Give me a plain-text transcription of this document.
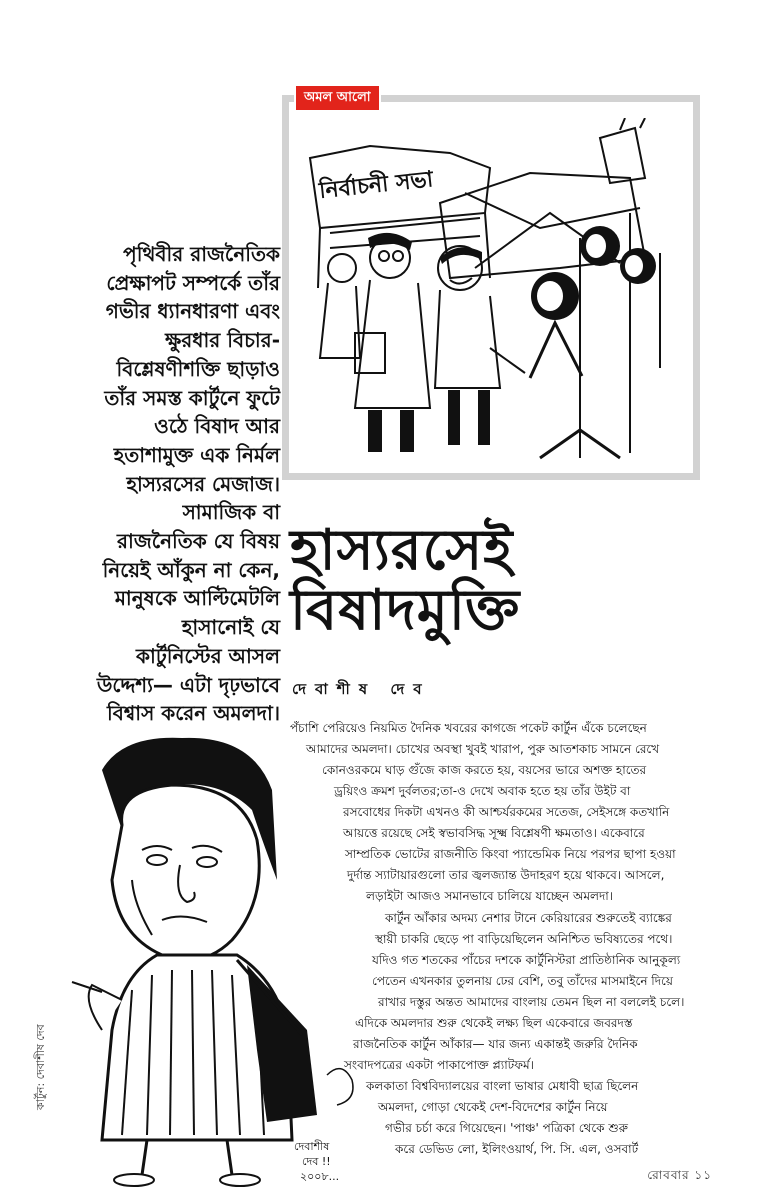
অমল আলো
নির্বাচনী সভা
পৃথিবীর রাজনৈতিক
প্রেক্ষাপট সম্পর্কে তাঁর
গভীর ধ্যানধারণা এবং
ক্ষুরধার বিচার-
বিশ্লেষণীশক্তি ছাড়াও
তাঁর সমস্ত কার্টুনে ফুটে
ওঠে বিষাদ আর
হতাশামুক্ত এক নির্মল
হাস্যরসের মেজাজ।
সামাজিক বা
রাজনৈতিক যে বিষয়
নিয়েই আঁকুন না কেন,
মানুষকে আল্টিমেটলি
হাসানোই যে
কার্টুনিস্টের আসল
উদ্দেশ্য— এটা দৃঢ়ভাবে
বিশ্বাস করেন অমলদা।
হাস্যরসেই
বিষাদমুক্তি

দেবাশীষ দেব

দেবাশীষ
দেব !!
২০০৮...
পঁচাশি পেরিয়েও নিয়মিত দৈনিক খবরের কাগজে পকেট কার্টুন এঁকে চলেছেন
আমাদের অমলদা। চোখের অবস্থা খুবই খারাপ, পুরু আতশকাচ সামনে রেখে
কোনওরকমে ঘাড় গুঁজে কাজ করতে হয়, বয়সের ভারে অশক্ত হাতের
ড্রয়িংও ক্রমশ দুর্বলতর;তা-ও দেখে অবাক হতে হয় তাঁর উইট বা
রসবোধের দিকটা এখনও কী আশ্চর্যরকমের সতেজ, সেইসঙ্গে কতখানি
আয়ত্তে রয়েছে সেই স্বভাবসিদ্ধ সূক্ষ্ম বিশ্লেষণী ক্ষমতাও। একেবারে
সাম্প্রতিক ভোটের রাজনীতি কিংবা প্যান্ডেমিক নিয়ে পরপর ছাপা হওয়া
দুর্দান্ত স্যাটায়ারগুলো তার জ্বলজ্যান্ত উদাহরণ হয়ে থাকবে। আসলে,
লড়াইটা আজও সমানভাবে চালিয়ে যাচ্ছেন অমলদা।
কার্টুন আঁকার অদম্য নেশার টানে কেরিয়ারের শুরুতেই ব্যাঙ্কের
স্থায়ী চাকরি ছেড়ে পা বাড়িয়েছিলেন অনিশ্চিত ভবিষ্যতের পথে।
যদিও গত শতকের পাঁচের দশকে কার্টুনিস্টরা প্রাতিষ্ঠানিক আনুকূল্য
পেতেন এখনকার তুলনায় ঢের বেশি, তবু তাঁদের মাসমাইনে দিয়ে
রাখার দস্তুর অন্তত আমাদের বাংলায় তেমন ছিল না বললেই চলে।
এদিকে অমলদার শুরু থেকেই লক্ষ্য ছিল একেবারে জবরদস্ত
রাজনৈতিক কার্টুন আঁকার— যার জন্য একান্তই জরুরি দৈনিক
সংবাদপত্রের একটা পাকাপোক্ত প্ল্যাটফর্ম।
কলকাতা বিশ্ববিদ্যালয়ের বাংলা ভাষার মেধাবী ছাত্র ছিলেন
অমলদা, গোড়া থেকেই দেশ-বিদেশের কার্টুন নিয়ে
গভীর চর্চা করে গিয়েছেন। 'পাঞ্চ' পত্রিকা থেকে শুরু
করে ডেভিড লো, ইলিংওয়ার্থ, পি. সি. এল, ওসবার্ট
কার্টুন: দেবাশীষ দেব
রোববার ১১
